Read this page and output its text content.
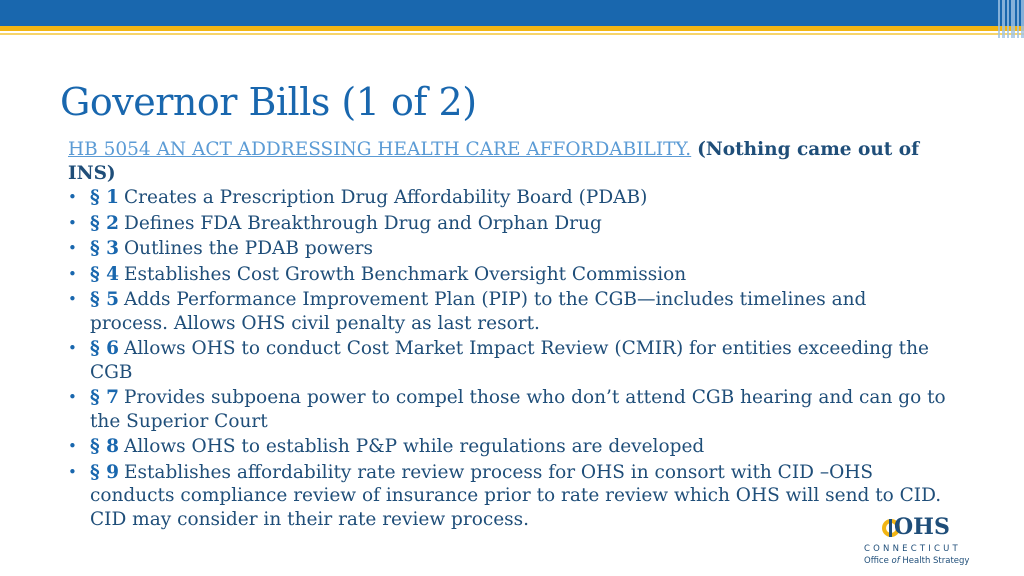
Governor Bills (1 of 2)

HB 5054 AN ACT ADDRESSING HEALTH CARE AFFORDABILITY. (Nothing came out of INS)

• § 1 Creates a Prescription Drug Affordability Board (PDAB)
• § 2 Defines FDA Breakthrough Drug and Orphan Drug
• § 3 Outlines the PDAB powers
• § 4 Establishes Cost Growth Benchmark Oversight Commission
• § 5 Adds Performance Improvement Plan (PIP) to the CGB—includes timelines and process. Allows OHS civil penalty as last resort.
• § 6 Allows OHS to conduct Cost Market Impact Review (CMIR) for entities exceeding the CGB
• § 7 Provides subpoena power to compel those who don’t attend CGB hearing and can go to the Superior Court
• § 8 Allows OHS to establish P&P while regulations are developed
• § 9 Establishes affordability rate review process for OHS in consort with CID –OHS conducts compliance review of insurance prior to rate review which OHS will send to CID. CID may consider in their rate review process.	OHS
CONNECTICUT
Office of Health Strategy
